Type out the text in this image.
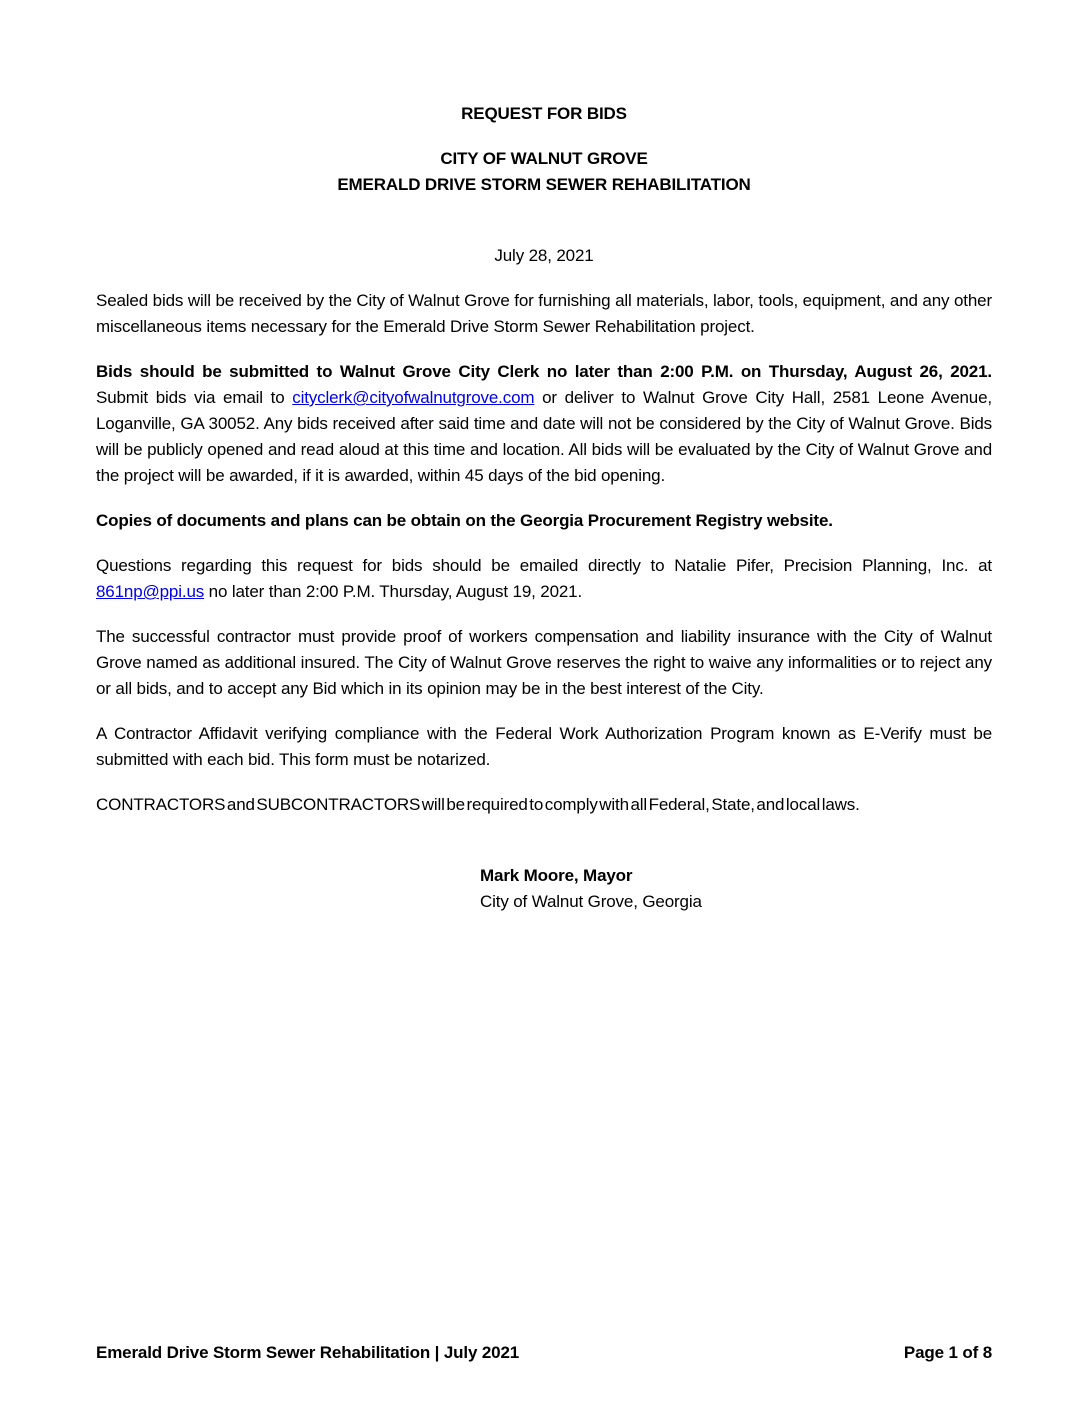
REQUEST FOR BIDS
CITY OF WALNUT GROVE
EMERALD DRIVE STORM SEWER REHABILITATION
July 28, 2021

Sealed bids will be received by the City of Walnut Grove for furnishing all materials, labor, tools, equipment, and any other miscellaneous items necessary for the Emerald Drive Storm Sewer Rehabilitation project.

Bids should be submitted to Walnut Grove City Clerk no later than 2:00 P.M. on Thursday, August 26, 2021. Submit bids via email to cityclerk@cityofwalnutgrove.com or deliver to Walnut Grove City Hall, 2581 Leone Avenue, Loganville, GA 30052. Any bids received after said time and date will not be considered by the City of Walnut Grove. Bids will be publicly opened and read aloud at this time and location. All bids will be evaluated by the City of Walnut Grove and the project will be awarded, if it is awarded, within 45 days of the bid opening.

Copies of documents and plans can be obtain on the Georgia Procurement Registry website.

Questions regarding this request for bids should be emailed directly to Natalie Pifer, Precision Planning, Inc. at 861np@ppi.us no later than 2:00 P.M. Thursday, August 19, 2021.

The successful contractor must provide proof of workers compensation and liability insurance with the City of Walnut Grove named as additional insured. The City of Walnut Grove reserves the right to waive any informalities or to reject any or all bids, and to accept any Bid which in its opinion may be in the best interest of the City.

A Contractor Affidavit verifying compliance with the Federal Work Authorization Program known as E-Verify must be submitted with each bid. This form must be notarized.

CONTRACTORS and SUBCONTRACTORS will be required to comply with all Federal, State, and local laws.

Mark Moore, Mayor
City of Walnut Grove, Georgia
Emerald Drive Storm Sewer Rehabilitation | July 2021	Page 1 of 8
